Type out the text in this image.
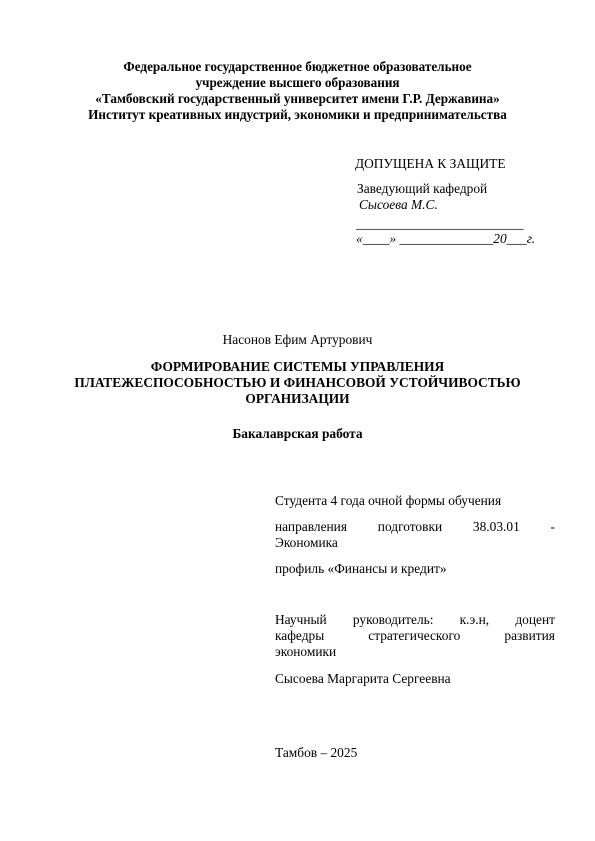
Федеральное государственное бюджетное образовательное
учреждение высшего образования
«Тамбовский государственный университет имени Г.Р. Державина»
Институт креативных индустрий, экономики и предпринимательства
ДОПУЩЕНА К ЗАЩИТЕ
Заведующий кафедрой
Сысоева М.С.
_________________________
«____» ______________20___г.
Насонов Ефим Артурович
ФОРМИРОВАНИЕ СИСТЕМЫ УПРАВЛЕНИЯ
ПЛАТЕЖЕСПОСОБНОСТЬЮ И ФИНАНСОВОЙ УСТОЙЧИВОСТЬЮ
ОРГАНИЗАЦИИ
Бакалаврская работа
Студента 4 года очной формы обучения
направления подготовки 38.03.01 -
Экономика
профиль «Финансы и кредит»
Научный руководитель: к.э.н, доцент
кафедры	стратегического	развития
экономики
Сысоева Маргарита Сергеевна
Тамбов – 2025
